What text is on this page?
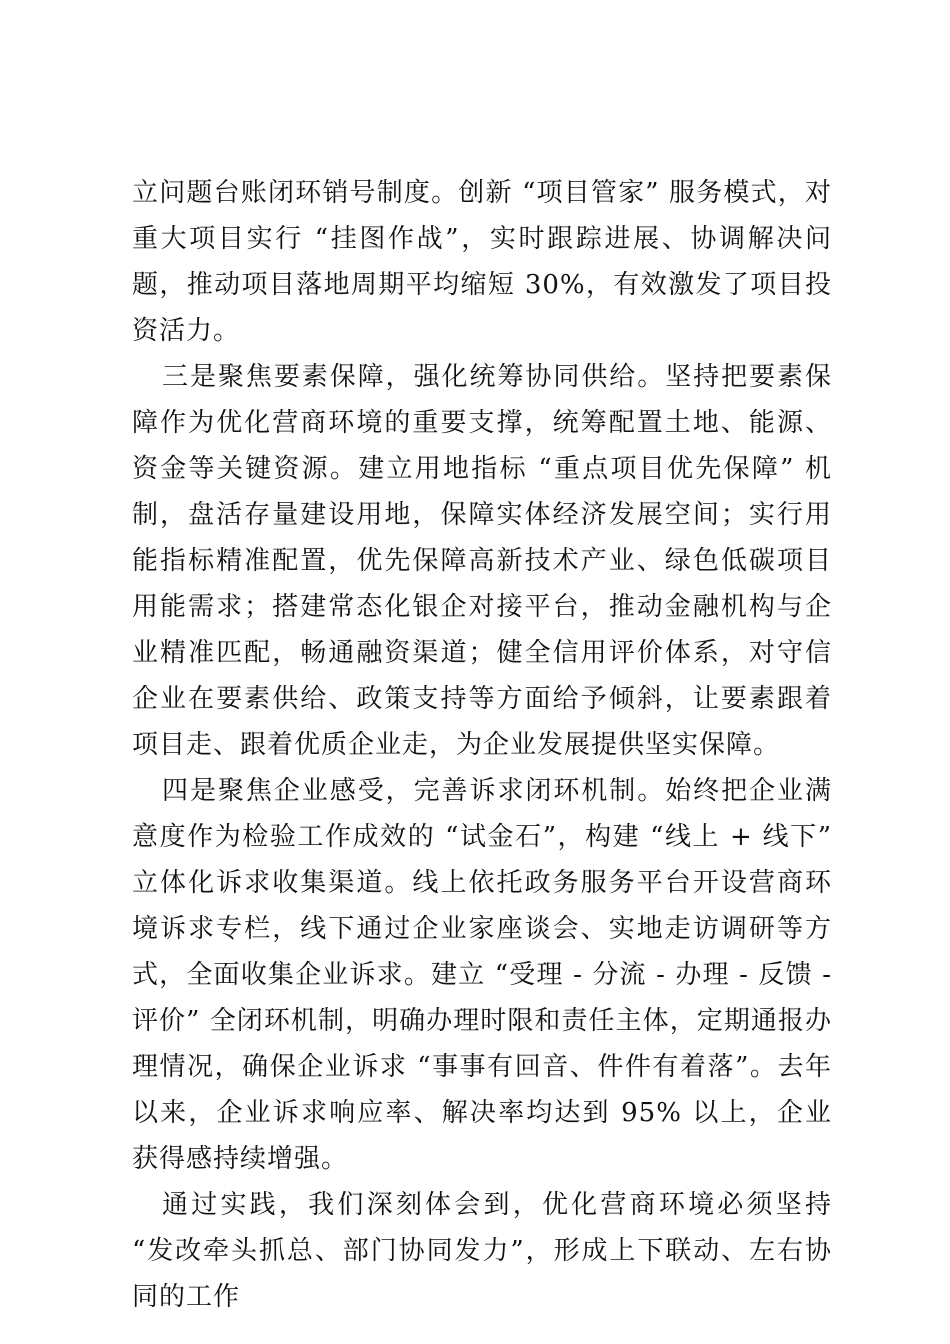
立问题台账闭环销号制度。创新 “项目管家” 服务模式，对重大项目实行 “挂图作战”，实时跟踪进展、协调解决问题，推动项目落地周期平均缩短 30%，有效激发了项目投资活力。

三是聚焦要素保障，强化统筹协同供给。坚持把要素保障作为优化营商环境的重要支撑，统筹配置土地、能源、资金等关键资源。建立用地指标 “重点项目优先保障” 机制，盘活存量建设用地，保障实体经济发展空间；实行用能指标精准配置，优先保障高新技术产业、绿色低碳项目用能需求；搭建常态化银企对接平台，推动金融机构与企业精准匹配，畅通融资渠道；健全信用评价体系，对守信企业在要素供给、政策支持等方面给予倾斜，让要素跟着项目走、跟着优质企业走，为企业发展提供坚实保障。

四是聚焦企业感受，完善诉求闭环机制。始终把企业满意度作为检验工作成效的 “试金石”，构建 “线上 + 线下” 立体化诉求收集渠道。线上依托政务服务平台开设营商环境诉求专栏，线下通过企业家座谈会、实地走访调研等方式，全面收集企业诉求。建立 “受理 - 分流 - 办理 - 反馈 - 评价” 全闭环机制，明确办理时限和责任主体，定期通报办理情况，确保企业诉求 “事事有回音、件件有着落”。去年以来，企业诉求响应率、解决率均达到 95% 以上，企业获得感持续增强。

通过实践，我们深刻体会到，优化营商环境必须坚持 “发改牵头抓总、部门协同发力”，形成上下联动、左右协同的工作
